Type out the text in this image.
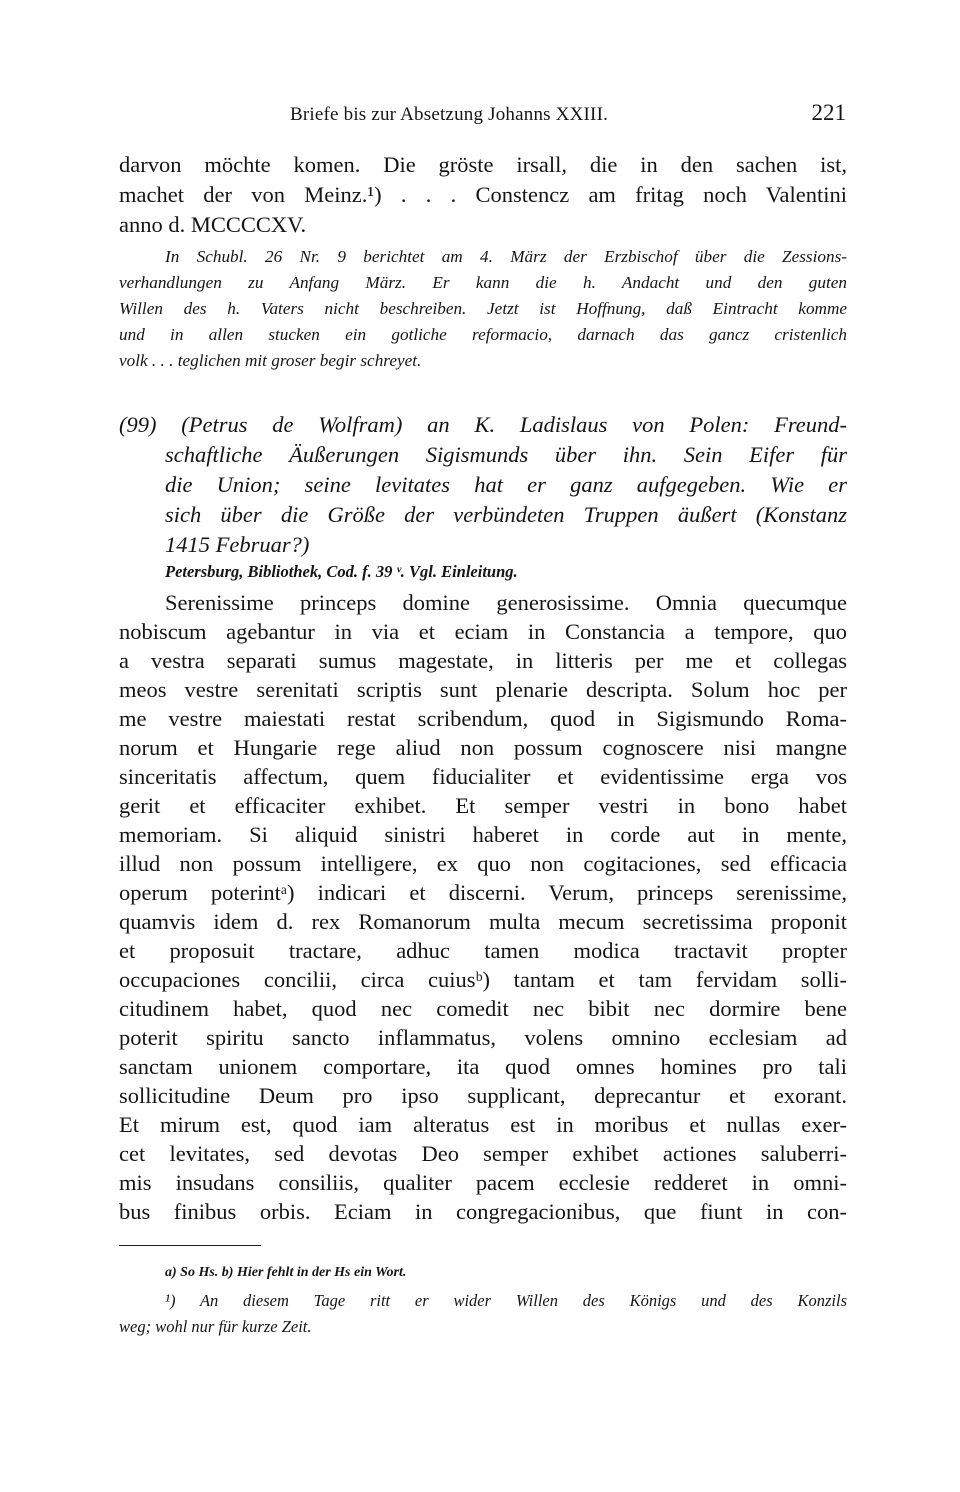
Briefe bis zur Absetzung Johanns XXIII.	221
darvon möchte komen. Die gröste irsall, die in den sachen ist,
machet der von Meinz.¹) . . . Constencz am fritag noch Valentini
anno d. MCCCCXV.
In Schubl. 26 Nr. 9 berichtet am 4. März der Erzbischof über die Zessions-
verhandlungen zu Anfang März. Er kann die h. Andacht und den guten
Willen des h. Vaters nicht beschreiben. Jetzt ist Hoffnung, daß Eintracht komme
und in allen stucken ein gotliche reformacio, darnach das gancz cristenlich
volk . . . teglichen mit groser begir schreyet.
(99) (Petrus de Wolfram) an K. Ladislaus von Polen: Freund-
schaftliche Äußerungen Sigismunds über ihn. Sein Eifer für
die Union; seine levitates hat er ganz aufgegeben. Wie er
sich über die Größe der verbündeten Truppen äußert (Konstanz
1415 Februar?)
Petersburg, Bibliothek, Cod. f. 39 ᵛ. Vgl. Einleitung.
Serenissime princeps domine generosissime. Omnia quecumque
nobiscum agebantur in via et eciam in Constancia a tempore, quo
a vestra separati sumus magestate, in litteris per me et collegas
meos vestre serenitati scriptis sunt plenarie descripta. Solum hoc per
me vestre maiestati restat scribendum, quod in Sigismundo Roma-
norum et Hungarie rege aliud non possum cognoscere nisi mangne
sinceritatis affectum, quem fiducialiter et evidentissime erga vos
gerit et efficaciter exhibet. Et semper vestri in bono habet
memoriam. Si aliquid sinistri haberet in corde aut in mente,
illud non possum intelligere, ex quo non cogitaciones, sed efficacia
operum poterintᵃ) indicari et discerni. Verum, princeps serenissime,
quamvis idem d. rex Romanorum multa mecum secretissima proponit
et proposuit tractare, adhuc tamen modica tractavit propter
occupaciones concilii, circa cuiusᵇ) tantam et tam fervidam solli-
citudinem habet, quod nec comedit nec bibit nec dormire bene
poterit spiritu sancto inflammatus, volens omnino ecclesiam ad
sanctam unionem comportare, ita quod omnes homines pro tali
sollicitudine Deum pro ipso supplicant, deprecantur et exorant.
Et mirum est, quod iam alteratus est in moribus et nullas exer-
cet levitates, sed devotas Deo semper exhibet actiones saluberri-
mis insudans consiliis, qualiter pacem ecclesie redderet in omni-
bus finibus orbis. Eciam in congregacionibus, que fiunt in con-
a) So Hs. b) Hier fehlt in der Hs ein Wort.
¹) An diesem Tage ritt er wider Willen des Königs und des Konzils
weg; wohl nur für kurze Zeit.
